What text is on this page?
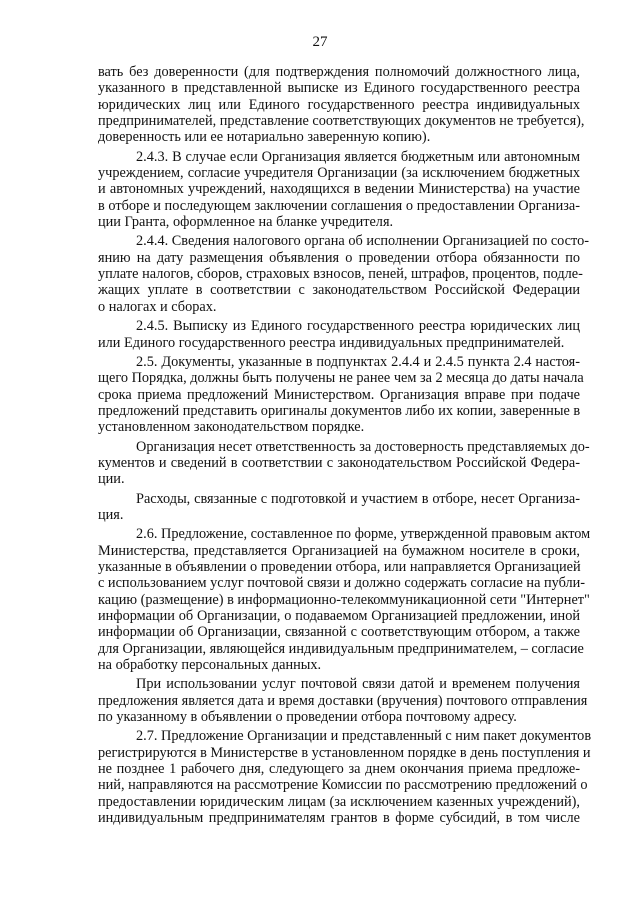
27
вать без доверенности (для подтверждения полномочий должностного лица,
указанного в представленной выписке из Единого государственного реестра
юридических лиц или Единого государственного реестра индивидуальных
предпринимателей, представление соответствующих документов не требуется),
доверенность или ее нотариально заверенную копию).
2.4.3. В случае если Организация является бюджетным или автономным
учреждением, согласие учредителя Организации (за исключением бюджетных
и автономных учреждений, находящихся в ведении Министерства) на участие
в отборе и последующем заключении соглашения о предоставлении Организа-
ции Гранта, оформленное на бланке учредителя.
2.4.4. Сведения налогового органа об исполнении Организацией по состо-
янию на дату размещения объявления о проведении отбора обязанности по
уплате налогов, сборов, страховых взносов, пеней, штрафов, процентов, подле-
жащих уплате в соответствии с законодательством Российской Федерации
о налогах и сборах.
2.4.5. Выписку из Единого государственного реестра юридических лиц
или Единого государственного реестра индивидуальных предпринимателей.
2.5. Документы, указанные в подпунктах 2.4.4 и 2.4.5 пункта 2.4 настоя-
щего Порядка, должны быть получены не ранее чем за 2 месяца до даты начала
срока приема предложений Министерством. Организация вправе при подаче
предложений представить оригиналы документов либо их копии, заверенные в
установленном законодательством порядке.
Организация несет ответственность за достоверность представляемых до-
кументов и сведений в соответствии с законодательством Российской Федера-
ции.
Расходы, связанные с подготовкой и участием в отборе, несет Организа-
ция.
2.6. Предложение, составленное по форме, утвержденной правовым актом
Министерства, представляется Организацией на бумажном носителе в сроки,
указанные в объявлении о проведении отбора, или направляется Организацией
с использованием услуг почтовой связи и должно содержать согласие на публи-
кацию (размещение) в информационно-телекоммуникационной сети "Интернет"
информации об Организации, о подаваемом Организацией предложении, иной
информации об Организации, связанной с соответствующим отбором, а также
для Организации, являющейся индивидуальным предпринимателем, – согласие
на обработку персональных данных.
При использовании услуг почтовой связи датой и временем получения
предложения является дата и время доставки (вручения) почтового отправления
по указанному в объявлении о проведении отбора почтовому адресу.
2.7. Предложение Организации и представленный с ним пакет документов
регистрируются в Министерстве в установленном порядке в день поступления и
не позднее 1 рабочего дня, следующего за днем окончания приема предложе-
ний, направляются на рассмотрение Комиссии по рассмотрению предложений о
предоставлении юридическим лицам (за исключением казенных учреждений),
индивидуальным предпринимателям грантов в форме субсидий, в том числе
